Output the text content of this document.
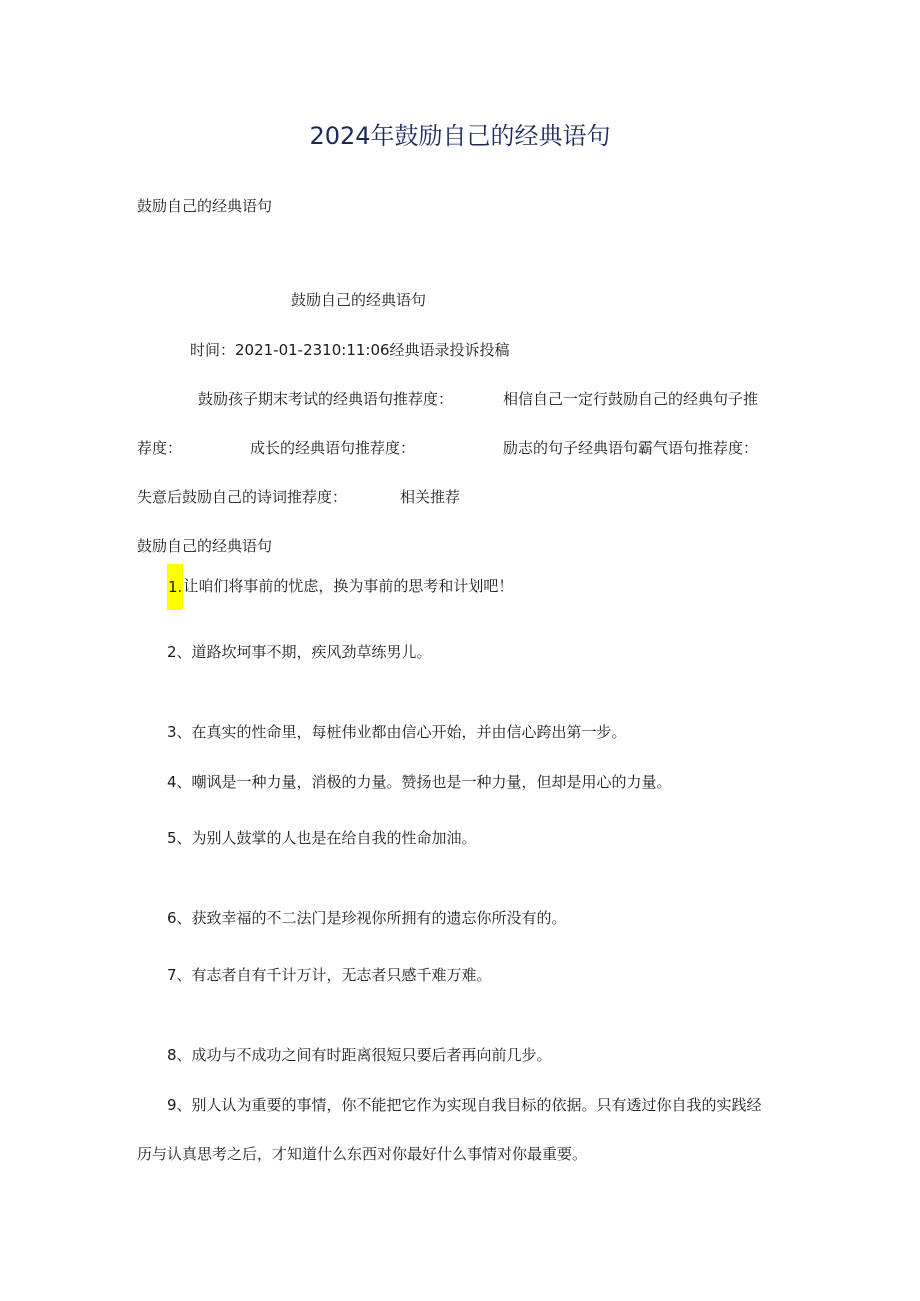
2024年鼓励自己的经典语句
鼓励自己的经典语句
鼓励自己的经典语句
时间：2021-01-2310:11:06经典语录投诉投稿
鼓励孩子期末考试的经典语句推荐度：	相信自己一定行鼓励自己的经典句子推
荐度：	成长的经典语句推荐度：	励志的句子经典语句霸气语句推荐度：
失意后鼓励自己的诗词推荐度：	相关推荐
鼓励自己的经典语句
1.让咱们将事前的忧虑，换为事前的思考和计划吧！
2、道路坎坷事不期，疾风劲草练男儿。
3、在真实的性命里，每桩伟业都由信心开始，并由信心跨出第一步。
4、嘲讽是一种力量，消极的力量。赞扬也是一种力量，但却是用心的力量。
5、为别人鼓掌的人也是在给自我的性命加油。
6、获致幸福的不二法门是珍视你所拥有的遗忘你所没有的。
7、有志者自有千计万计，无志者只感千难万难。
8、成功与不成功之间有时距离很短只要后者再向前几步。
9、别人认为重要的事情，你不能把它作为实现自我目标的依据。只有透过你自我的实践经
历与认真思考之后，才知道什么东西对你最好什么事情对你最重要。
